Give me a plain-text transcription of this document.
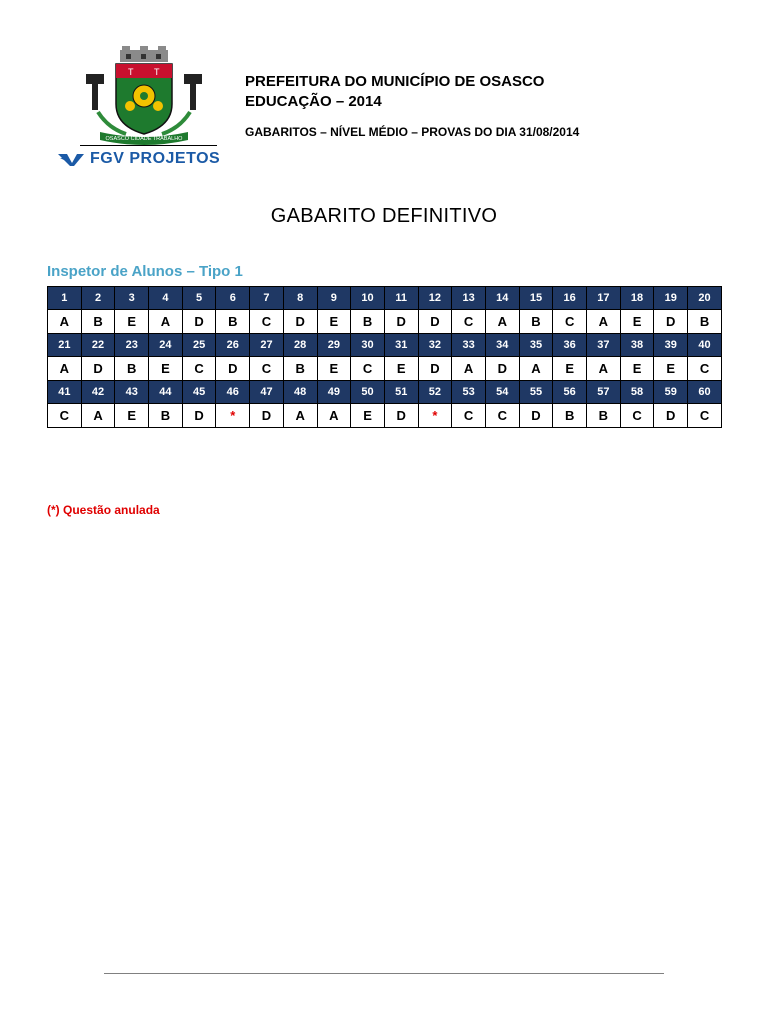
T T
OSASCO CIDADE TRABALHO
FGV PROJETOS
PREFEITURA DO MUNICÍPIO DE OSASCO
EDUCAÇÃO – 2014
GABARITOS – NÍVEL MÉDIO – PROVAS DO DIA 31/08/2014
GABARITO DEFINITIVO
Inspetor de Alunos – Tipo 1
1	2	3	4	5	6	7	8	9	10	11	12	13	14	15	16	17	18	19	20
A	B	E	A	D	B	C	D	E	B	D	D	C	A	B	C	A	E	D	B
21	22	23	24	25	26	27	28	29	30	31	32	33	34	35	36	37	38	39	40
A	D	B	E	C	D	C	B	E	C	E	D	A	D	A	E	A	E	E	C
41	42	43	44	45	46	47	48	49	50	51	52	53	54	55	56	57	58	59	60
C	A	E	B	D	*	D	A	A	E	D	*	C	C	D	B	B	C	D	C
(*) Questão anulada
